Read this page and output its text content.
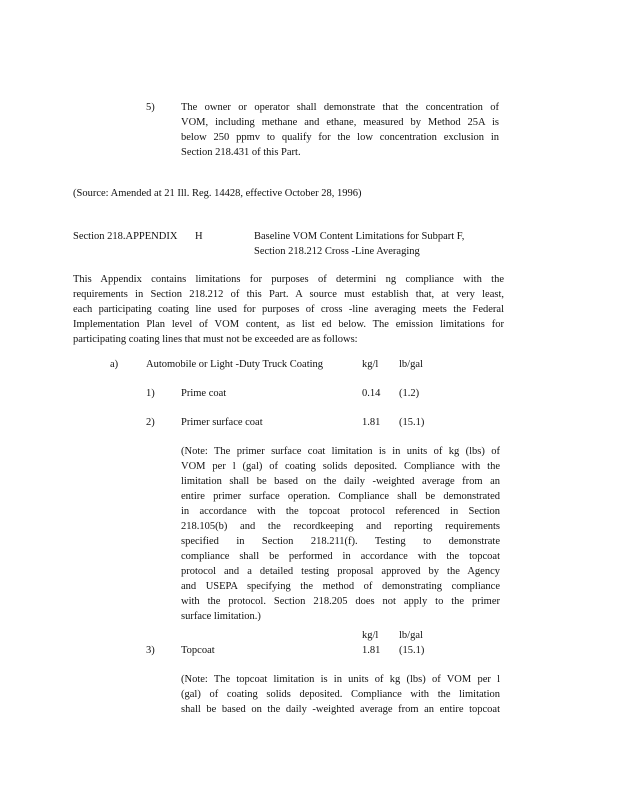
5)	The owner or operator shall demonstrate that the concentration of
VOM, including methane and ethane, measured by Method 25A is
below 250 ppmv to qualify for the low concentration exclusion in
Section 218.431 of this Part.

(Source: Amended at 21 Ill. Reg. 14428, effective October 28, 1996)

Section 218.APPENDIX H	Baseline VOM Content Limitations for Subpart F,

Section 218.212 Cross -Line Averaging

This Appendix contains limitations for purposes of determini ng compliance with the
requirements in Section 218.212 of this Part. A source must establish that, at very least,
each participating coating line used for purposes of cross -line averaging meets the Federal
Implementation Plan level of VOM content, as list ed below. The emission limitations for
participating coating lines that must not be exceeded are as follows:

a)	Automobile or Light -Duty Truck Coating	kg/l lb/gal

1)	Prime coat	0.14 (1.2)

2)	Primer surface coat	1.81 (15.1)

(Note: The primer surface coat limitation is in units of kg (lbs) of
VOM per l (gal) of coating solids deposited. Compliance with the
limitation shall be based on the daily -weighted average from an
entire primer surface operation. Compliance shall be demonstrated
in accordance with the topcoat protocol referenced in Section
218.105(b) and the recordkeeping and reporting requirements
specified in Section 218.211(f). Testing to demonstrate
compliance shall be performed in accordance with the topcoat
protocol and a detailed testing proposal approved by the Agency
and USEPA specifying the method of demonstrating compliance
with the protocol. Section 218.205 does not apply to the primer
surface limitation.)

kg/l lb/gal

3)	Topcoat	1.81 (15.1)

(Note: The topcoat limitation is in units of kg (lbs) of VOM per l
(gal) of coating solids deposited. Compliance with the limitation
shall be based on the daily -weighted average from an entire topcoat
